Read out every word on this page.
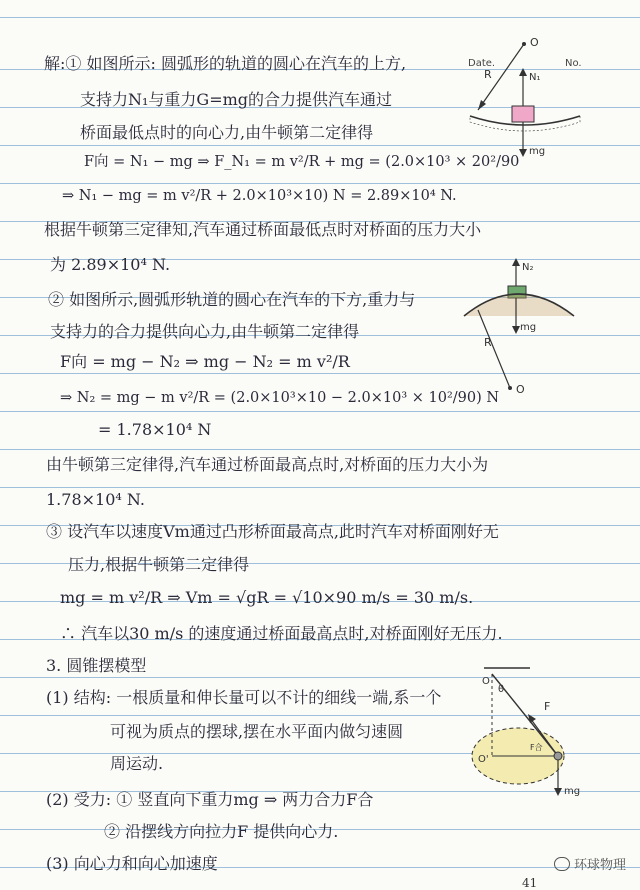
Date.	No.
解:① 如图所示: 圆弧形的轨道的圆心在汽车的上方,
支持力N₁与重力G=mg的合力提供汽车通过
桥面最低点时的向心力,由牛顿第二定律得
F向 = N₁ − mg ⇒ F_N₁ = m v²/R + mg = (2.0×10³ × 20²/90
⇒ N₁ − mg = m v²/R + 2.0×10³×10) N = 2.89×10⁴ N.
根据牛顿第三定律知,汽车通过桥面最低点时对桥面的压力大小
为 2.89×10⁴ N.
② 如图所示,圆弧形轨道的圆心在汽车的下方,重力与
支持力的合力提供向心力,由牛顿第二定律得
F向 = mg − N₂ ⇒ mg − N₂ = m v²/R
⇒ N₂ = mg − m v²/R = (2.0×10³×10 − 2.0×10³ × 10²/90) N
= 1.78×10⁴ N
由牛顿第三定律得,汽车通过桥面最高点时,对桥面的压力大小为
1.78×10⁴ N.
③ 设汽车以速度Vm通过凸形桥面最高点,此时汽车对桥面刚好无
压力,根据牛顿第二定律得
mg = m v²/R ⇒ Vm = √gR = √10×90 m/s = 30 m/s.
∴ 汽车以30 m/s 的速度通过桥面最高点时,对桥面刚好无压力.
3. 圆锥摆模型
(1) 结构: 一根质量和伸长量可以不计的细线一端,系一个
可视为质点的摆球,摆在水平面内做匀速圆
周运动.
(2) 受力: ① 竖直向下重力mg ⇒ 两力合力F合
② 沿摆线方向拉力F 提供向心力.
(3) 向心力和向心加速度
O
R	N₁
mg
N₂
mg
O
R
θ
O
F
F合
O'
mg
环球物理
41
